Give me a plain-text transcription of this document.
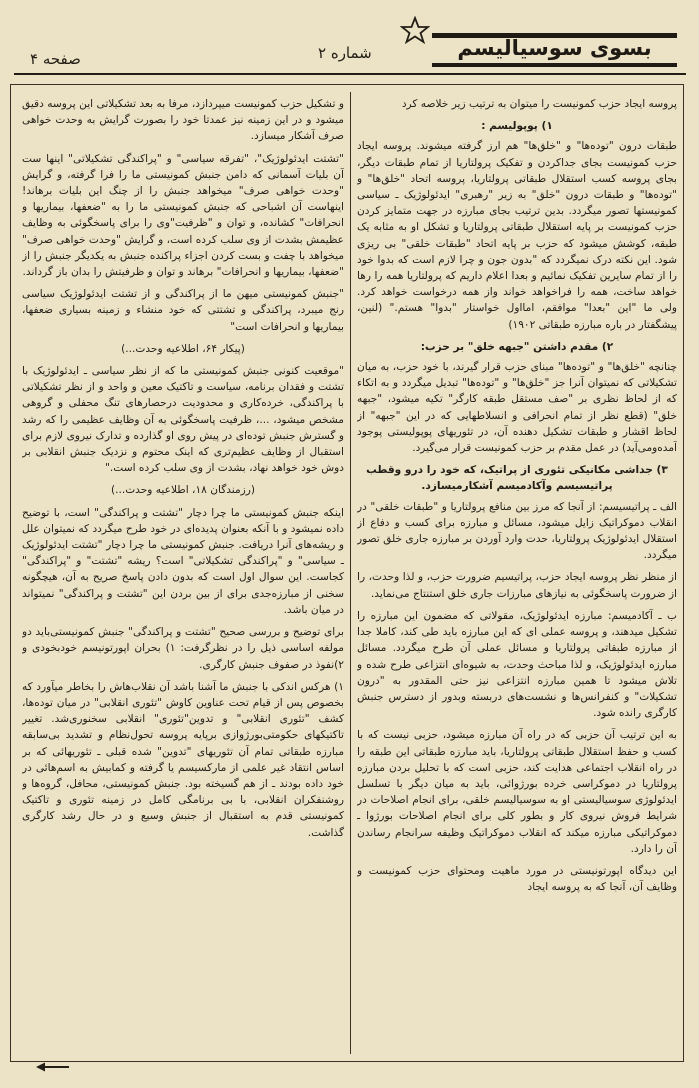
بسوی سوسیالیسم
شماره ۲
صفحه ۴

پروسه ایجاد حزب کمونیست را میتوان به ترتیب زیر خلاصه کرد

۱) پوپولیسم :

طبقات درون "توده‌ها" و "خلق‌ها" هم ارز گرفته میشوند. پروسه ایجاد حزب کمونیست بجای جداکردن و تفکیک پرولتاریا از تمام طبقات دیگر، بجای پروسه کسب استقلال طبقاتی پرولتاریا، پروسه اتحاد "خلق‌ها" و "توده‌ها" و طبقات درون "خلق" به زیر "رهبری" ایدئولوژیک ـ سیاسی کمونیستها تصور میگردد. بدین ترتیب بجای مبارزه در جهت متمایز کردن حزب کمونیست بر پایه استقلال طبقاتی پرولتاریا و تشکل او به مثابه یک طبقه، کوشش میشود که حزب بر پایه اتحاد "طبقات خلقی" بی ریزی شود. این نکته درک نمیگردد که "بدون جون و چرا لازم است که بدوا خود را از تمام سایرین تفکیک نمائیم و بعدا اعلام داریم که پرولتاریا همه را رها خواهد ساخت، همه را فراخواهد خواند واز همه درخواست خواهد کرد. ولی ما "این "بعدا" موافقم، امااول خواستار "بدوا" هستم." (لنین، پیشگفتار در باره مبارزه طبقاتی ۱۹۰۲)

۲) مقدم داشتن "جبهه خلق" بر حزب:

چنانچه "خلق‌ها" و "توده‌ها" مبنای حزب قرار گیرند، با خود حزب، به میان تشکیلاتی که نمیتوان آنرا جز "خلق‌ها" و "توده‌ها" تبدیل میگردد و به اتکاء که از لحاظ نظری بر "صف مستقل طبقه کارگر" تکیه میشود، "جبهه خلق" (قطع نظر از تمام انحرافی و انسلاطهایی که در این "جبهه" از لحاظ اقشار و طبقات تشکیل دهنده آن، در تئوریهای پوپولیستی پوجود آمده‌ومی‌آید) در عمل مقدم بر حزب کمونیست قرار می‌گیرد.

۳) جداشی مکانیکی تئوری از پراتیک، که خود را درو وقطب پراتیسیسم وآکادمیسم آشکارمیسازد.

الف ـ پراتیسیسم: از آنجا که مرز بین منافع پرولتاریا و "طبقات خلقی" در انقلاب دموکراتیک زایل میشود، مسائل و مبارزه برای کسب و دفاع از استقلال ایدئولوژیک پرولتاریا، حدت وارد آوردن بر مبارزه جاری خلق تصور میگردد.

از منظر نظر پروسه ایجاد حزب، پراتیسیم ضرورت حزب، و لذا وحدت، را از ضرورت پاسخگوئی به نیازهای مبارزات جاری خلق استنتاج می‌نماید.

ب ـ آکادمیسم: مبارزه ایدئولوژیک، مقولاتی که مضمون این مبارزه را تشکیل میدهند، و پروسه عملی ای که این مبارزه باید طی کند، کاملا جدا از مبارزه طبقاتی پرولتاریا و مسائل عملی آن طرح میگردد. مسائل مبارزه ایدئولوژیک، و لذا مباحث وحدت، به شیوه‌ای انتزاعی طرح شده و تلاش میشود تا همین مبارزه انتزاعی نیز حتی المقدور به "درون تشکیلات" و کنفرانس‌ها و نشست‌های دربسته وبدور از دسترس جنبش کارگری رانده شود.

به این ترتیب آن حزبی که در راه آن مبارزه میشود، حزبی نیست که با کسب و حفظ استقلال طبقاتی پرولتاریا، باید مبارزه طبقاتی این طبقه را در راه انقلاب اجتماعی هدایت کند، حزبی است که با تحلیل بردن مبارزه پرولتاریا در دموکراسی خرده بورژوائی، باید به میان دیگر با تسلسل ایدئولوژی سوسیالیستی او به سوسیالیسم خلقی، برای انجام اصلاحات در شرایط فروش نیروی کار و بطور کلی برای انجام اصلاحات بورژوا ـ دموکراتیکی مبارزه میکند که انقلاب دموکراتیک وظیفه سرانجام رساندن آن را دارد.

این دیدگاه اپورتونیستی در مورد ماهیت ومحتوای حزب کمونیست و وظایف آن، آنجا که به پروسه ایجاد

و تشکیل حزب کمونیست میپردازد، مرفا به بعد تشکیلاتی این پروسه دقیق میشود و در این زمینه نیز عمدتا خود را بصورت گرایش به وحدت خواهی صرف آشکار میسازد.

"تشتت ایدئولوژیک"، "تفرقه سیاسی" و "پراکندگی تشکیلاتی" اینها ست آن بلیات آسمانی که دامن جنبش کمونیستی ما را فرا گرفته، و گرایش "وحدت خواهی صرف" میخواهد جنبش را از چنگ این بلیات برهاند! اینهاست آن اشباحی که جنبش کمونیستی ما را به "ضعفها، بیماریها و انحرافات" کشانده، و توان و "ظرفیت"وی را برای پاسخگوئی به وظایف عظیمش بشدت از وی سلب کرده است، و گرایش "وحدت خواهی صرف" میخواهد با چفت و بست کردن اجزاء پراکنده جنبش به یکدیگر جنبش را از "ضعفها، بیماریها و انحرافات" برهاند و توان و ظرفیتش را بدان باز گرداند.

"جنبش کمونیستی میهن ما از پراکندگی و از تشتت ایدئولوژیک سیاسی رنج میبرد، پراکندگی و تشتتی که خود منشاء و زمینه بسیاری ضعفها، بیماریها و انحرافات است"

(پیکار ۶۴، اطلاعیه وحدت...)

"موقعیت کنونی جنبش کمونیستی ما که از نظر سیاسی ـ ایدئولوژیک با تشتت و فقدان برنامه، سیاست و تاکتیک معین و واحد و از نظر تشکیلاتی با پراکندگی، خرده‌کاری و محدودیت درحصارهای تنگ محفلی و گروهی مشخص میشود، ...، ظرفیت پاسخگوئی به آن وظایف عظیمی را که رشد و گسترش جنبش توده‌ای در پیش روی او گذارده و تدارک نیروی لازم برای استقبال از وظایف عظیم‌تری که اینک محتوم و نزدیک جنبش انقلابی بر دوش خود خواهد نهاد، بشدت از وی سلب کرده است."

(رزمندگان ۱۸، اطلاعیه وحدت...)

اینکه جنبش کمونیستی ما چرا دچار "تشتت و پراکندگی" است، با توضیح داده نمیشود و با آنکه بعنوان پدیده‌ای در خود طرح میگردد که نمیتوان علل و ریشه‌های آنرا دریافت. جنبش کمونیستی ما چرا دچار "تشتت ایدئولوژیک ـ سیاسی" و "پراکندگی تشکیلاتی" است؟ ریشه "تشتت" و "پراکندگی" کجاست. این سوال اول است که بدون دادن پاسخ صریح به آن، هیچگونه سخنی از مبارزه‌جدی برای از بین بردن این "تشتت و پراکندگی" نمیتواند در میان باشد.

برای توضیح و بررسی صحیح "تشتت و پراکندگی" جنبش کمونیستی‌باید دو مولفه اساسی ذیل را در نظرگرفت: ۱) بحران اپورتونیسم خودبخودی و ۲)نفوذ در صفوف جنبش کارگری.

۱) هرکس اندکی با جنبش ما آشنا باشد آن نقلاب‌هاش را بخاطر میآورد که بخصوص پس از قیام تحت عناوین کاوش "تئوری انقلابی" در میان توده‌ها، کشف "تئوری انقلابی" و تدوین"تئوری" انقلابی سخنوری‌شد. تغییر تاکتیکهای حکومتی‌بورژوازی برپایه پروسه تحول‌نظام و تشدید بی‌سابقه مبارزه طبقاتی تمام آن تئوریهای "تدوین" شده قبلی ـ تئوریهائی که بر اساس انتقاد غیر علمی از مارکسیسم یا گرفته و کمابیش به اسم‌هائی در خود داده بودند ـ از هم گسیخته بود. جنبش کمونیستی، محافل، گروه‌ها و روشنفکران انقلابی، با بی برنامگی کامل در زمینه تئوری و تاکتیک کمونیستی قدم به استقبال از جنبش وسیع و در حال رشد کارگری گذاشت.
